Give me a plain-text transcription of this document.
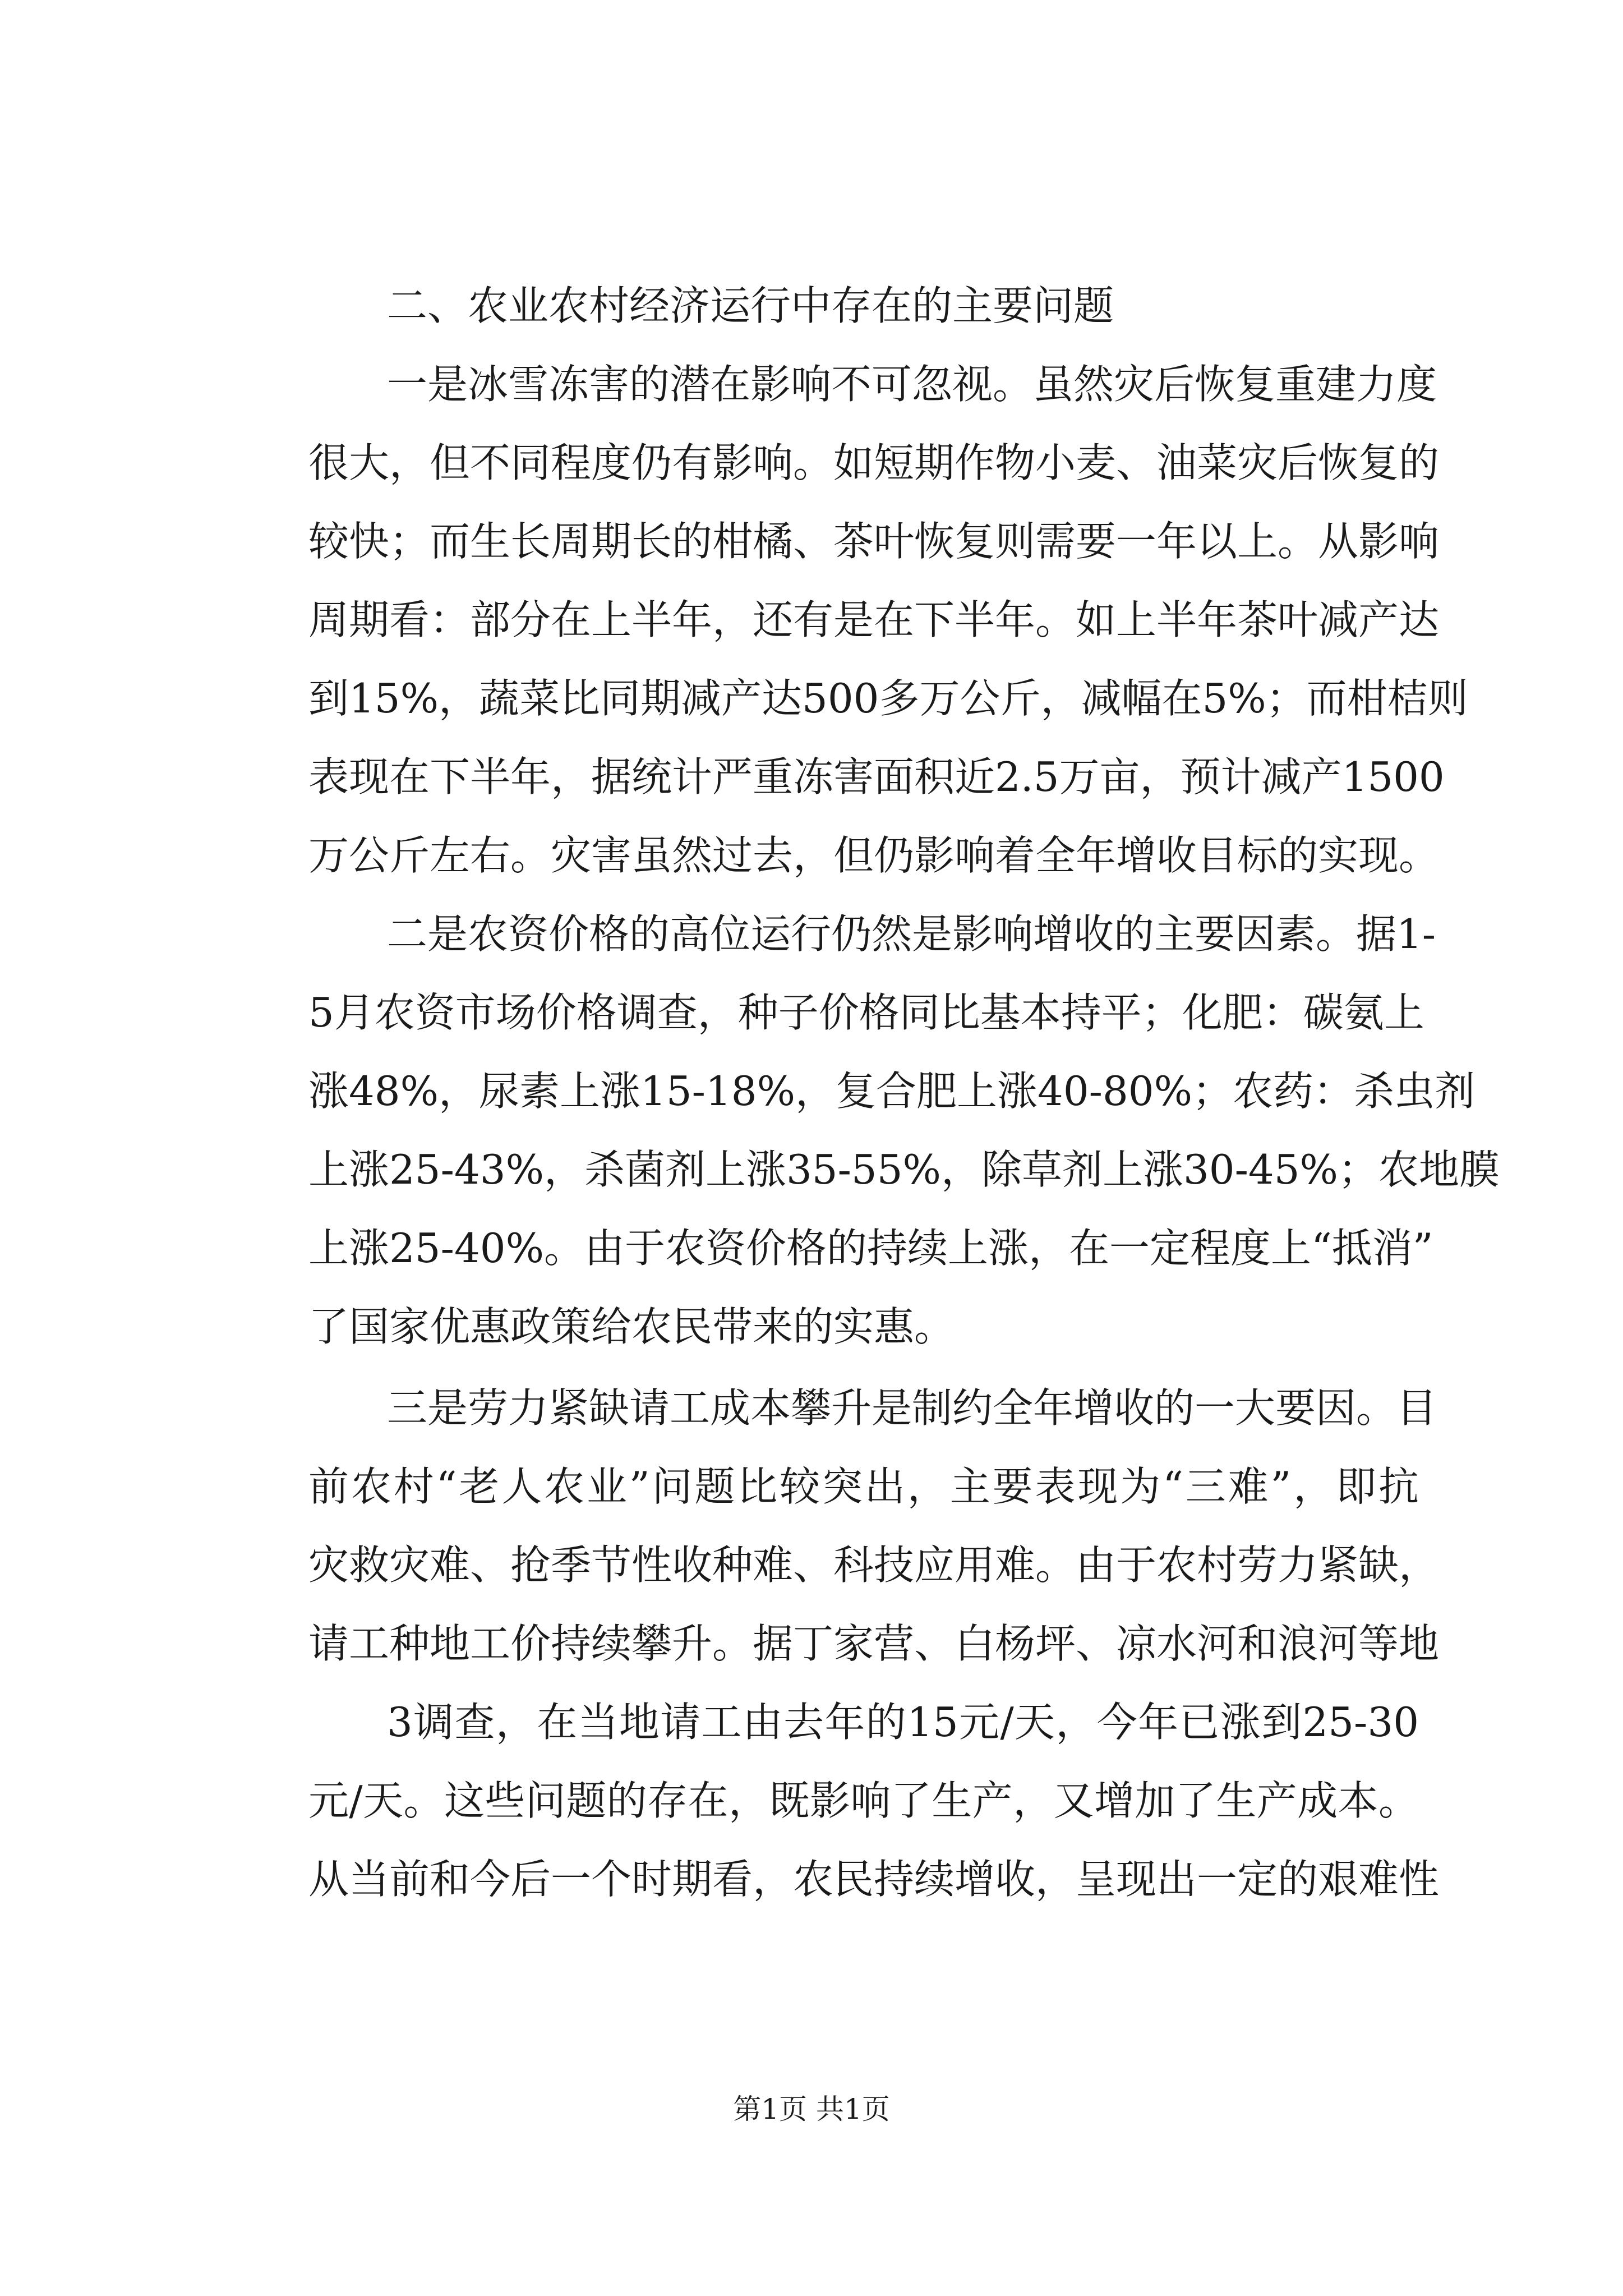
二、农业农村经济运行中存在的主要问题
一是冰雪冻害的潜在影响不可忽视。虽然灾后恢复重建力度
很大，但不同程度仍有影响。如短期作物小麦、油菜灾后恢复的
较快；而生长周期长的柑橘、茶叶恢复则需要一年以上。从影响
周期看：部分在上半年，还有是在下半年。如上半年茶叶减产达
到15%，蔬菜比同期减产达500多万公斤，减幅在5%；而柑桔则
表现在下半年，据统计严重冻害面积近2.5万亩，预计减产1500
万公斤左右。灾害虽然过去，但仍影响着全年增收目标的实现。
二是农资价格的高位运行仍然是影响增收的主要因素。据1-
5月农资市场价格调查，种子价格同比基本持平；化肥：碳氨上
涨48%，尿素上涨15-18%，复合肥上涨40-80%；农药：杀虫剂
上涨25-43%，杀菌剂上涨35-55%，除草剂上涨30-45%；农地膜
上涨25-40%。由于农资价格的持续上涨，在一定程度上“抵消”
了国家优惠政策给农民带来的实惠。
三是劳力紧缺请工成本攀升是制约全年增收的一大要因。目
前农村“老人农业”问题比较突出，主要表现为“三难”，即抗
灾救灾难、抢季节性收种难、科技应用难。由于农村劳力紧缺，
请工种地工价持续攀升。据丁家营、白杨坪、凉水河和浪河等地
3调查，在当地请工由去年的15元/天，今年已涨到25-30
元/天。这些问题的存在，既影响了生产，又增加了生产成本。
从当前和今后一个时期看，农民持续增收，呈现出一定的艰难性
第1页 共1页
